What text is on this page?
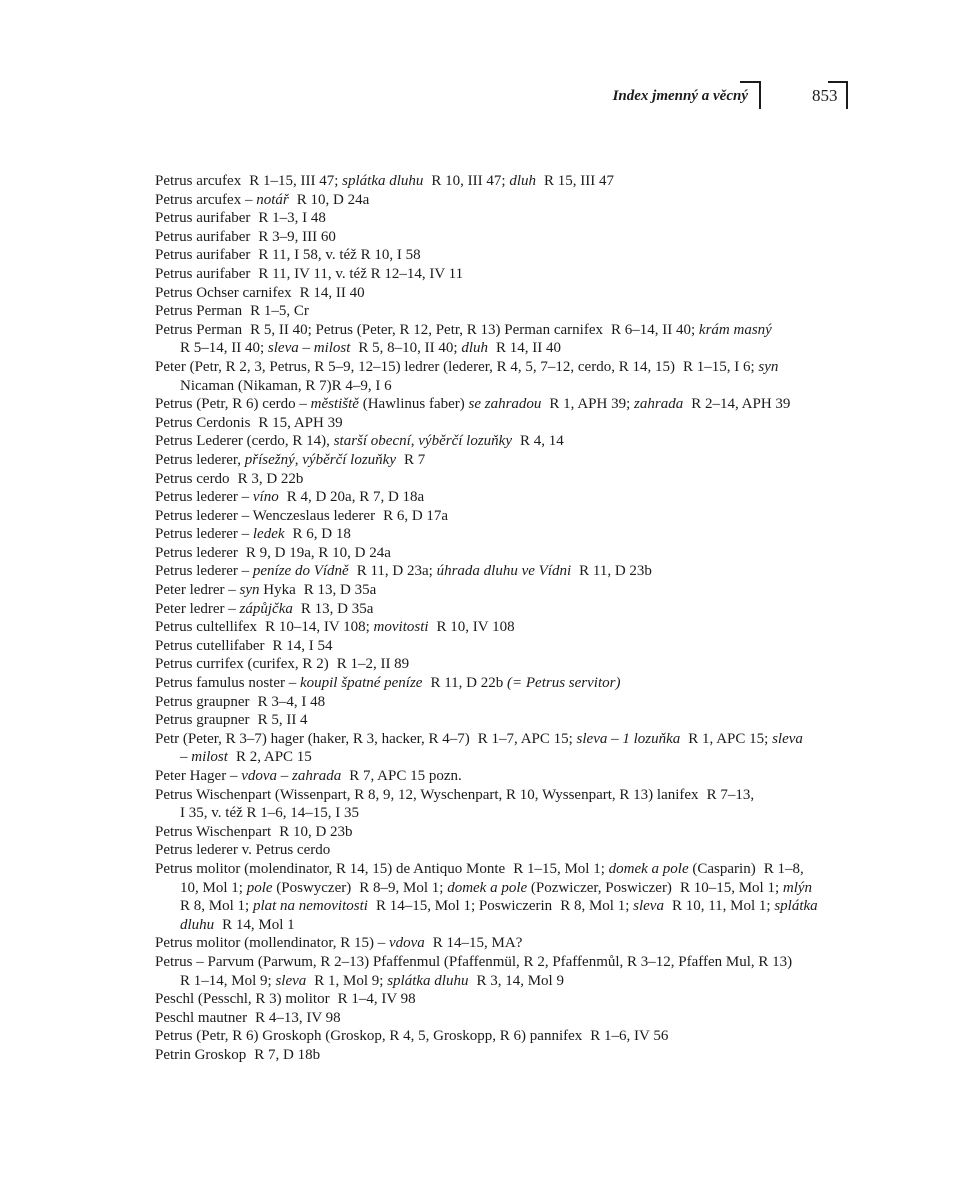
Index jmenný a věcný	853
Petrus arcufex R 1–15, III 47; splátka dluhu R 10, III 47; dluh R 15, III 47
Petrus arcufex – notář R 10, D 24a
Petrus aurifaber R 1–3, I 48
Petrus aurifaber R 3–9, III 60
Petrus aurifaber R 11, I 58, v. též R 10, I 58
Petrus aurifaber R 11, IV 11, v. též R 12–14, IV 11
Petrus Ochser carnifex R 14, II 40
Petrus Perman R 1–5, Cr
Petrus Perman R 5, II 40; Petrus (Peter, R 12, Petr, R 13) Perman carnifex R 6–14, II 40; krám masný
R 5–14, II 40; sleva – milost R 5, 8–10, II 40; dluh R 14, II 40
Peter (Petr, R 2, 3, Petrus, R 5–9, 12–15) ledrer (lederer, R 4, 5, 7–12, cerdo, R 14, 15) R 1–15, I 6; syn
Nicaman (Nikaman, R 7)R 4–9, I 6
Petrus (Petr, R 6) cerdo – městiště (Hawlinus faber) se zahradou R 1, APH 39; zahrada R 2–14, APH 39
Petrus Cerdonis R 15, APH 39
Petrus Lederer (cerdo, R 14), starší obecní, výběrčí lozuňky R 4, 14
Petrus lederer, přísežný, výběrčí lozuňky R 7
Petrus cerdo R 3, D 22b
Petrus lederer – víno R 4, D 20a, R 7, D 18a
Petrus lederer – Wenczeslaus lederer R 6, D 17a
Petrus lederer – ledek R 6, D 18
Petrus lederer R 9, D 19a, R 10, D 24a
Petrus lederer – peníze do Vídně R 11, D 23a; úhrada dluhu ve Vídni R 11, D 23b
Peter ledrer – syn Hyka R 13, D 35a
Peter ledrer – zápůjčka R 13, D 35a
Petrus cultellifex R 10–14, IV 108; movitosti R 10, IV 108
Petrus cutellifaber R 14, I 54
Petrus currifex (curifex, R 2) R 1–2, II 89
Petrus famulus noster – koupil špatné peníze R 11, D 22b (= Petrus servitor)
Petrus graupner R 3–4, I 48
Petrus graupner R 5, II 4
Petr (Peter, R 3–7) hager (haker, R 3, hacker, R 4–7) R 1–7, APC 15; sleva – 1 lozuňka R 1, APC 15; sleva
– milost R 2, APC 15
Peter Hager – vdova – zahrada R 7, APC 15 pozn.
Petrus Wischenpart (Wissenpart, R 8, 9, 12, Wyschenpart, R 10, Wyssenpart, R 13) lanifex R 7–13,
I 35, v. též R 1–6, 14–15, I 35
Petrus Wischenpart R 10, D 23b
Petrus lederer v. Petrus cerdo
Petrus molitor (molendinator, R 14, 15) de Antiquo Monte R 1–15, Mol 1; domek a pole (Casparin) R 1–8,
10, Mol 1; pole (Poswyczer) R 8–9, Mol 1; domek a pole (Pozwiczer, Poswiczer) R 10–15, Mol 1; mlýn
R 8, Mol 1; plat na nemovitosti R 14–15, Mol 1; Poswiczerin R 8, Mol 1; sleva R 10, 11, Mol 1; splátka
dluhu R 14, Mol 1
Petrus molitor (mollendinator, R 15) – vdova R 14–15, MA?
Petrus – Parvum (Parwum, R 2–13) Pfaffenmul (Pfaffenmül, R 2, Pfaffenmůl, R 3–12, Pfaffen Mul, R 13)
R 1–14, Mol 9; sleva R 1, Mol 9; splátka dluhu R 3, 14, Mol 9
Peschl (Pesschl, R 3) molitor R 1–4, IV 98
Peschl mautner R 4–13, IV 98
Petrus (Petr, R 6) Groskoph (Groskop, R 4, 5, Groskopp, R 6) pannifex R 1–6, IV 56
Petrin Groskop R 7, D 18b
